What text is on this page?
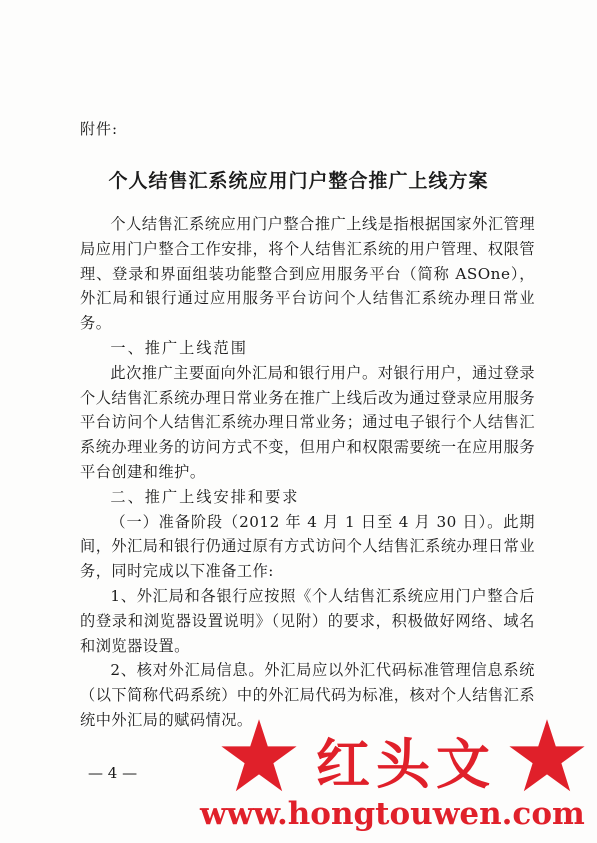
附件:
个人结售汇系统应用门户整合推广上线方案

个人结售汇系统应用门户整合推广上线是指根据国家外汇管理局应用门户整合工作安排，将个人结售汇系统的用户管理、权限管理、登录和界面组装功能整合到应用服务平台（简称 ASOne），外汇局和银行通过应用服务平台访问个人结售汇系统办理日常业务。

一、推广上线范围

此次推广主要面向外汇局和银行用户。对银行用户，通过登录个人结售汇系统办理日常业务在推广上线后改为通过登录应用服务平台访问个人结售汇系统办理日常业务；通过电子银行个人结售汇系统办理业务的访问方式不变，但用户和权限需要统一在应用服务平台创建和维护。

二、推广上线安排和要求

（一）准备阶段（2012 年 4 月 1 日至 4 月 30 日）。此期间，外汇局和银行仍通过原有方式访问个人结售汇系统办理日常业务，同时完成以下准备工作:

1、外汇局和各银行应按照《个人结售汇系统应用门户整合后的登录和浏览器设置说明》（见附）的要求，积极做好网络、域名和浏览器设置。

2、核对外汇局信息。外汇局应以外汇代码标准管理信息系统（以下简称代码系统）中的外汇局代码为标准，核对个人结售汇系统中外汇局的赋码情况。

— 4 —	红头文
www.hongtouwen.com
